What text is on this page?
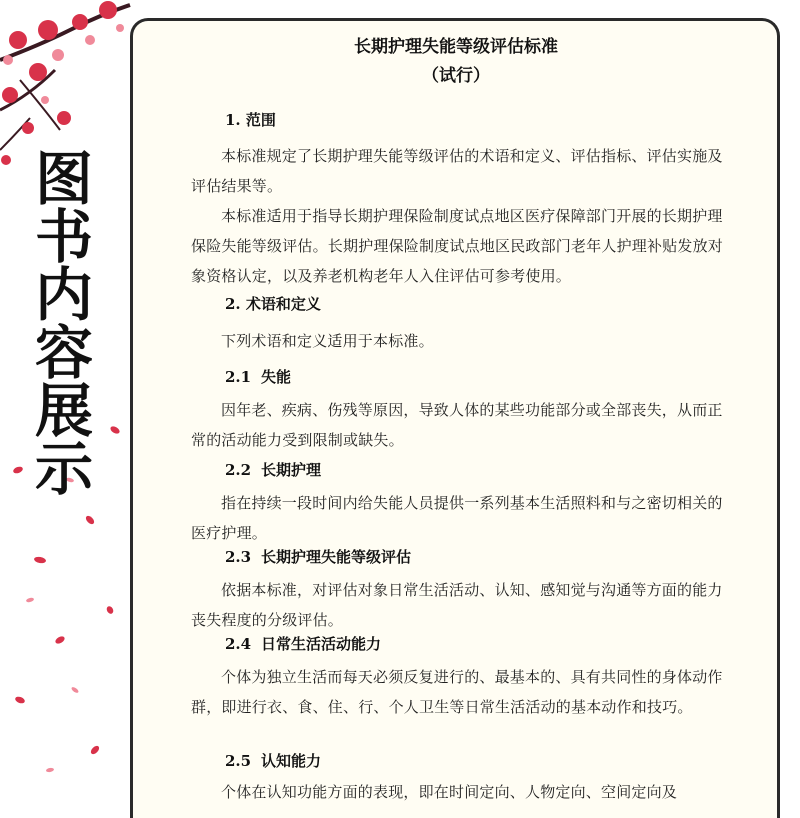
图
书
内
容
展
示
长期护理失能等级评估标准
（试行）
1. 范围
本标准规定了长期护理失能等级评估的术语和定义、评估指标、评估实施及评估结果等。
本标准适用于指导长期护理保险制度试点地区医疗保障部门开展的长期护理保险失能等级评估。长期护理保险制度试点地区民政部门老年人护理补贴发放对象资格认定，以及养老机构老年人入住评估可参考使用。
2. 术语和定义
下列术语和定义适用于本标准。
2.1 失能
因年老、疾病、伤残等原因，导致人体的某些功能部分或全部丧失，从而正常的活动能力受到限制或缺失。
2.2 长期护理
指在持续一段时间内给失能人员提供一系列基本生活照料和与之密切相关的医疗护理。
2.3 长期护理失能等级评估
依据本标准，对评估对象日常生活活动、认知、感知觉与沟通等方面的能力丧失程度的分级评估。
2.4 日常生活活动能力
个体为独立生活而每天必须反复进行的、最基本的、具有共同性的身体动作群，即进行衣、食、住、行、个人卫生等日常生活活动的基本动作和技巧。
2.5 认知能力
个体在认知功能方面的表现，即在时间定向、人物定向、空间定向及
